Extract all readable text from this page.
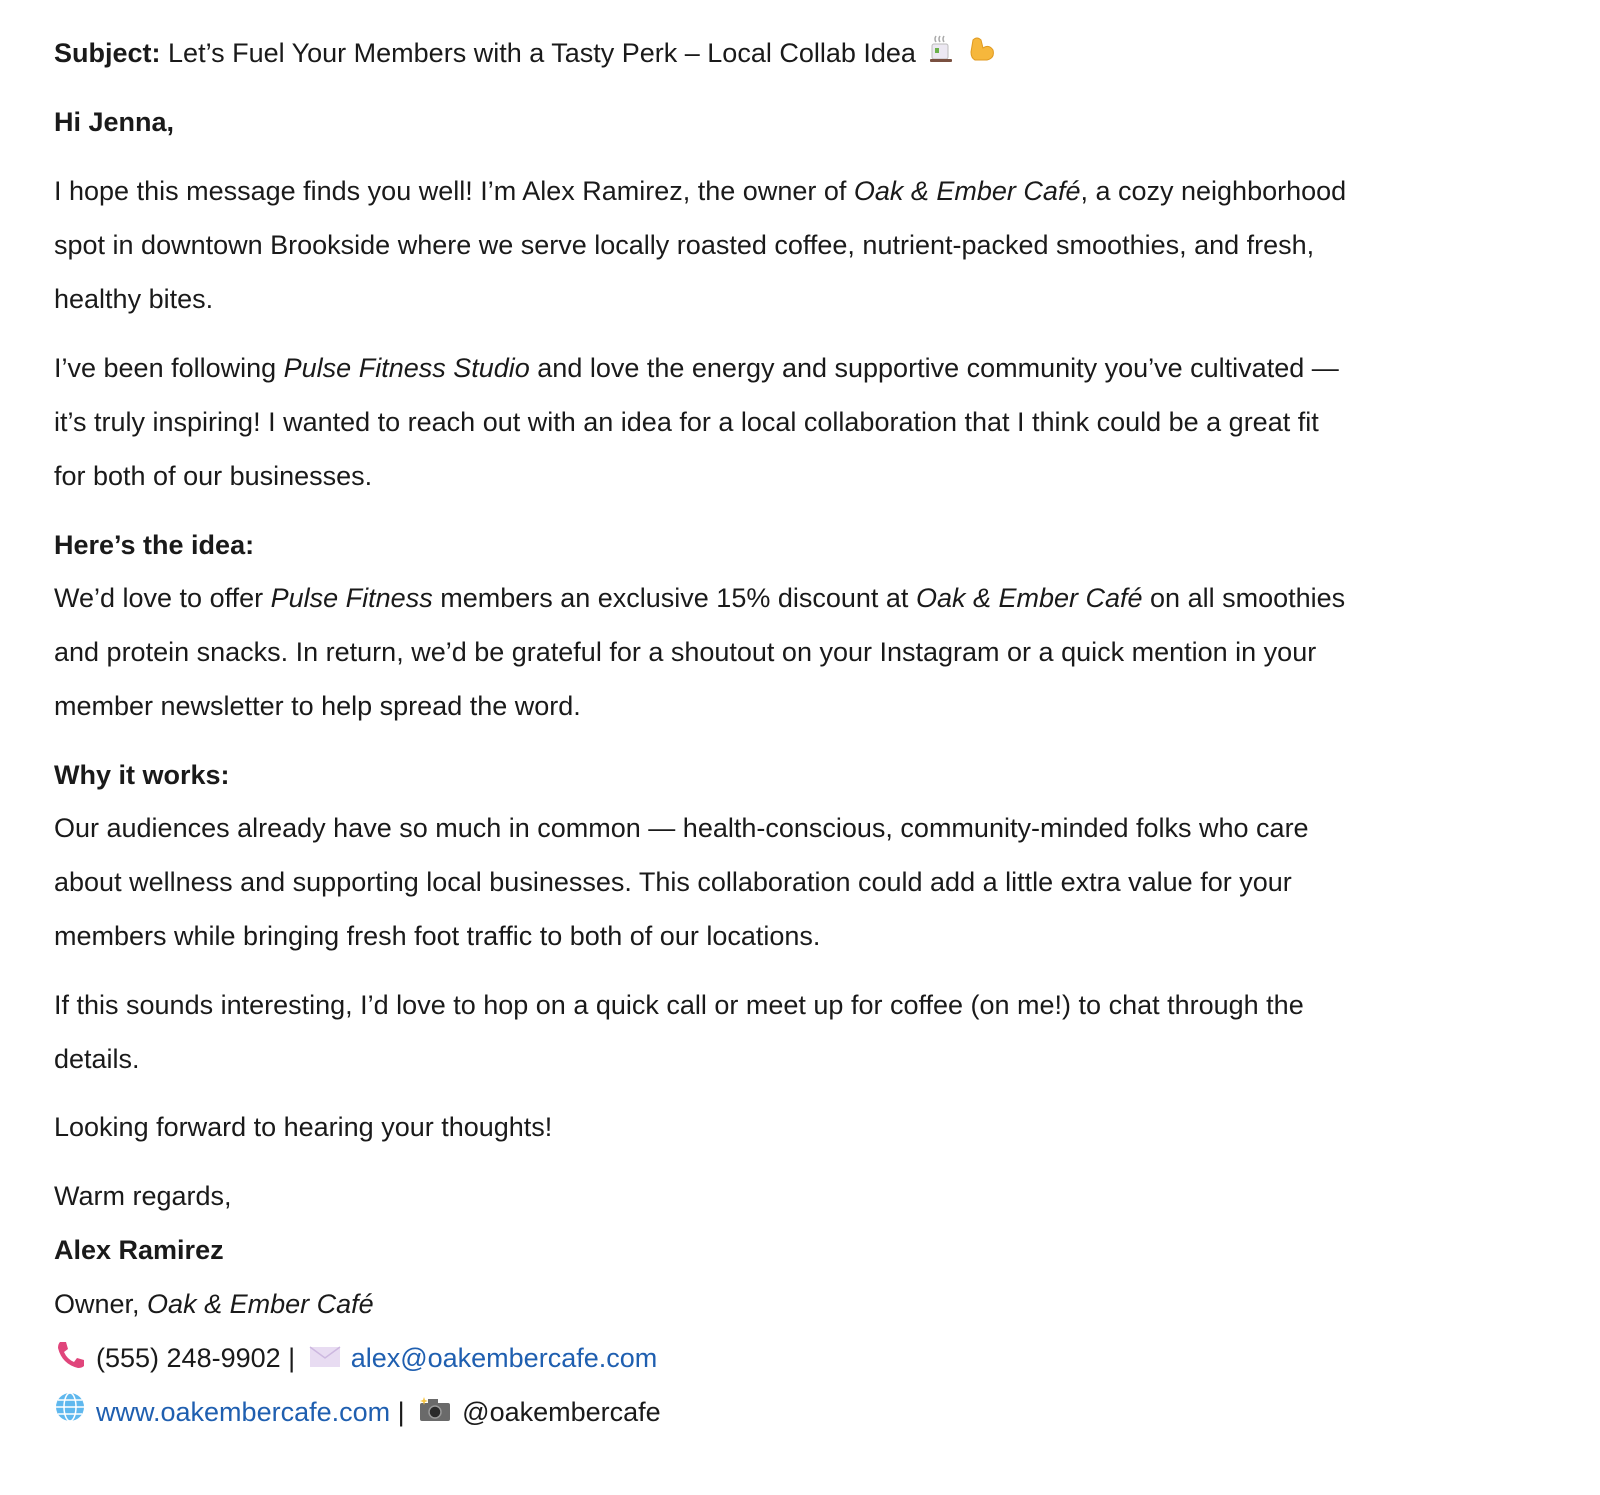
Subject: Let’s Fuel Your Members with a Tasty Perk – Local Collab Idea
Hi Jenna,
I hope this message finds you well! I’m Alex Ramirez, the owner of Oak & Ember Café, a cozy neighborhood
spot in downtown Brookside where we serve locally roasted coffee, nutrient-packed smoothies, and fresh,
healthy bites.
I’ve been following Pulse Fitness Studio and love the energy and supportive community you’ve cultivated —
it’s truly inspiring! I wanted to reach out with an idea for a local collaboration that I think could be a great fit
for both of our businesses.
Here’s the idea:
We’d love to offer Pulse Fitness members an exclusive 15% discount at Oak & Ember Café on all smoothies
and protein snacks. In return, we’d be grateful for a shoutout on your Instagram or a quick mention in your
member newsletter to help spread the word.
Why it works:
Our audiences already have so much in common — health-conscious, community-minded folks who care
about wellness and supporting local businesses. This collaboration could add a little extra value for your
members while bringing fresh foot traffic to both of our locations.
If this sounds interesting, I’d love to hop on a quick call or meet up for coffee (on me!) to chat through the
details.
Looking forward to hearing your thoughts!
Warm regards,
Alex Ramirez
Owner, Oak & Ember Café
(555) 248-9902 | alex@oakembercafe.com
www.oakembercafe.com | @oakembercafe
